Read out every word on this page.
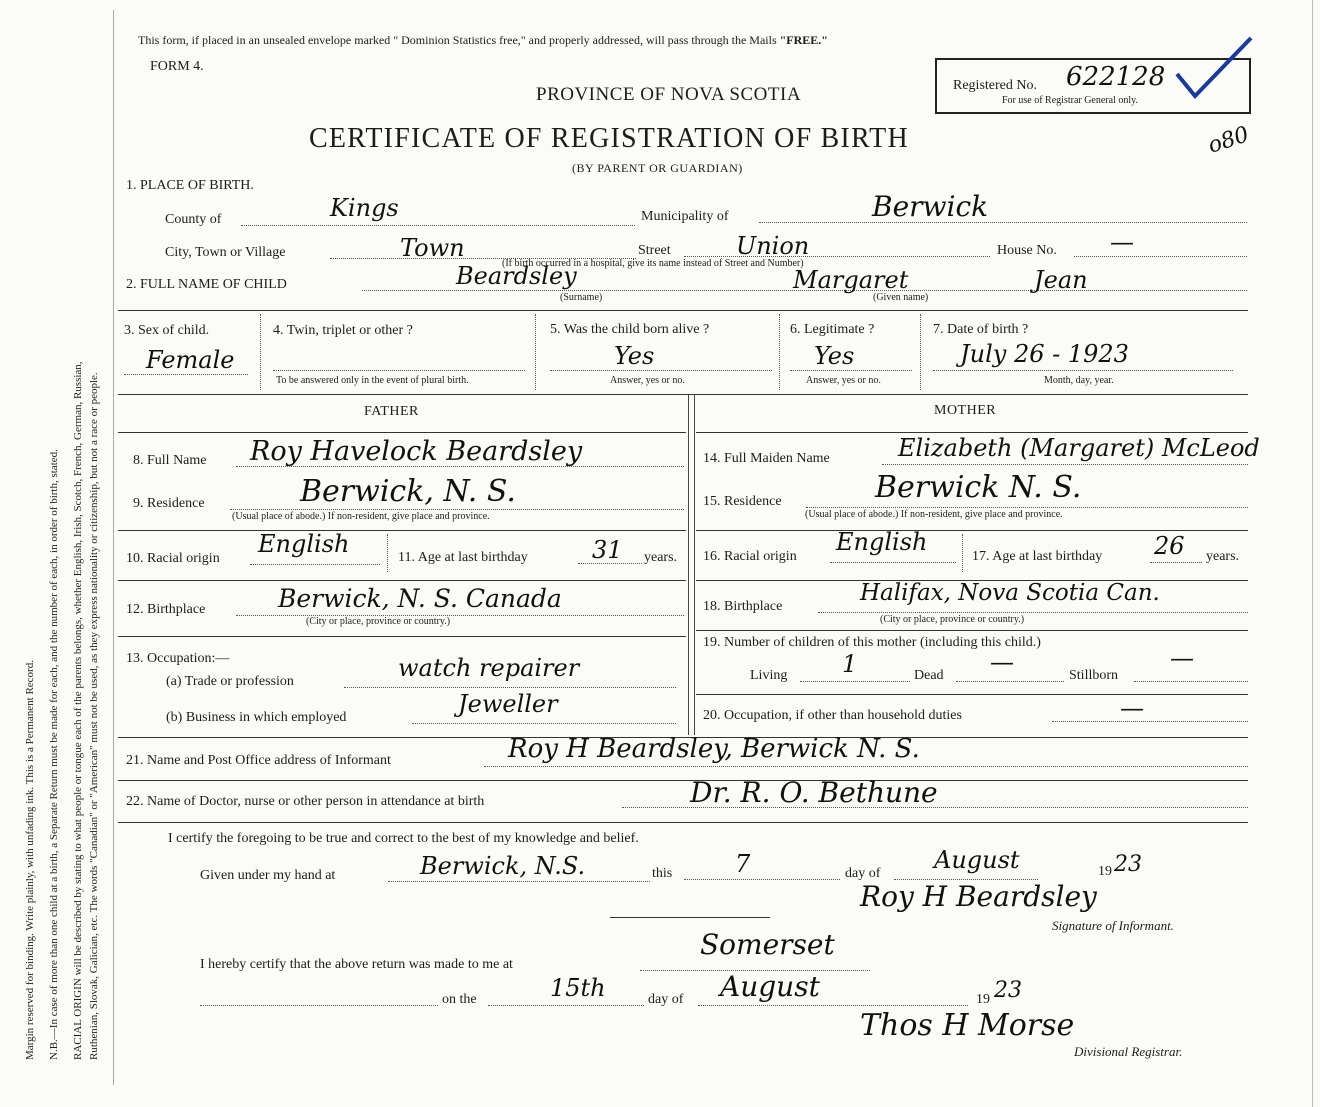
Margin reserved for binding. Write plainly, with unfading ink. This is a Permanent Record. N.B.—In case of more than one child at a birth, a Separate Return must be made for each, and the number of each, in order of birth, stated. RACIAL ORIGIN will be described by stating to what people or tongue each of the parents belongs, whether English, Irish, Scotch, French, German, Russian, Ruthenian, Slovak, Galician, etc. The words "Canadian" or "American" must not be used, as they express nationality or citizenship, but not a race or people.
This form, if placed in an unsealed envelope marked " Dominion Statistics free," and properly addressed, will pass through the Mails "FREE."
FORM 4.
PROVINCE OF NOVA SCOTIA
CERTIFICATE OF REGISTRATION OF BIRTH
(BY PARENT OR GUARDIAN)
Registered No. 622128
For use of Registrar General only.
o80
1. PLACE OF BIRTH.
County of	Kings	Municipality of	Berwick
City, Town or Village	Town	Street	Union	House No. —
(If birth occurred in a hospital, give its name instead of Street and Number)
2. FULL NAME OF CHILD	Beardsley
(Surname)
Margaret	Jean
(Given name)
3. Sex of child.
Female
4. Twin, triplet or other ?
To be answered only in the event of plural birth.
5. Was the child born alive ?
Yes
Answer, yes or no.
6. Legitimate ?
Yes
Answer, yes or no.
7. Date of birth ?
July 26 - 1923
Month, day, year.
FATHER	MOTHER
8. Full Name Roy Havelock Beardsley
9. Residence	Berwick, N. S.
(Usual place of abode.) If non-resident, give place and province.
10. Racial origin
English	11. Age at last birthday	31 years.
12. Birthplace	Berwick, N. S. Canada
(City or place, province or country.)
13. Occupation:—
(a) Trade or profession	watch repairer
(b) Business in which employed	Jeweller
14. Full Maiden Name	Elizabeth (Margaret) McLeod
15. Residence	Berwick N. S.
(Usual place of abode.) If non-resident, give place and province.
16. Racial origin
English
17. Age at last birthday 26 years.
18. Birthplace
Halifax, Nova Scotia Can.
(City or place, province or country.)
19. Number of children of this mother (including this child.)
Living 1	Dead —	Stillborn
—
20. Occupation, if other than household duties	—
21. Name and Post Office address of Informant	Roy H Beardsley, Berwick N. S.
22. Name of Doctor, nurse or other person in attendance at birth	Dr. R. O. Bethune
I certify the foregoing to be true and correct to the best of my knowledge and belief.
Given under my hand at	Berwick, N.S.	this	7	day of August	19 23
Roy H Beardsley
Signature of Informant.
I hereby certify that the above return was made to me at
Somerset
on the	15th	day of August	19 23
Thos H Morse
Divisional Registrar.
